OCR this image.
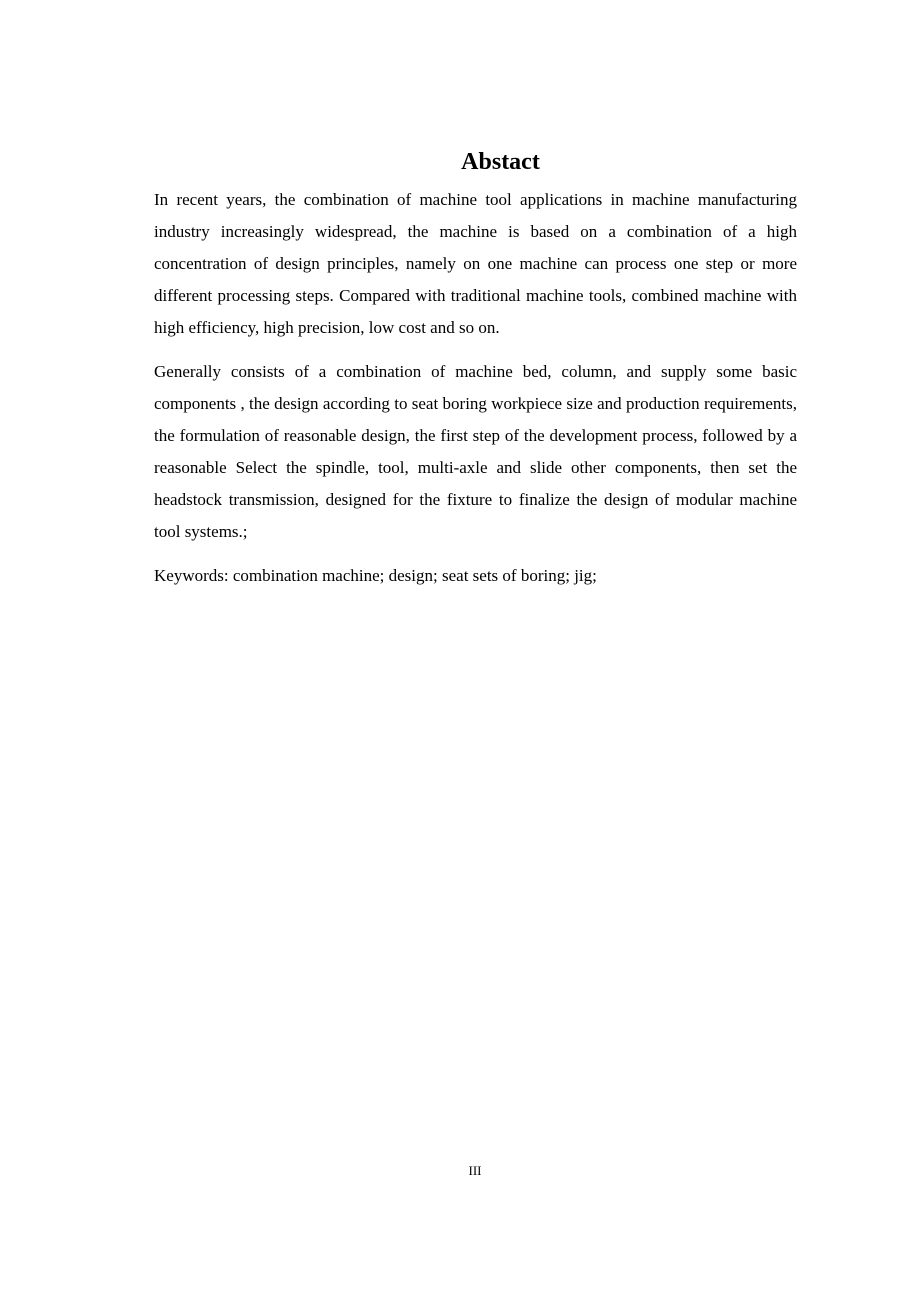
Abstact

In recent years, the combination of machine tool applications in machine manufacturing industry increasingly widespread, the machine is based on a combination of a high concentration of design principles, namely on one machine can process one step or more different processing steps. Compared with traditional machine tools, combined machine with high efficiency, high precision, low cost and so on.

Generally consists of a combination of machine bed, column, and supply some basic components , the design according to seat boring workpiece size and production requirements, the formulation of reasonable design, the first step of the development process, followed by a reasonable Select the spindle, tool, multi-axle and slide other components, then set the headstock transmission, designed for the fixture to finalize the design of modular machine tool systems.;

Keywords: combination machine; design; seat sets of boring; jig;

III
